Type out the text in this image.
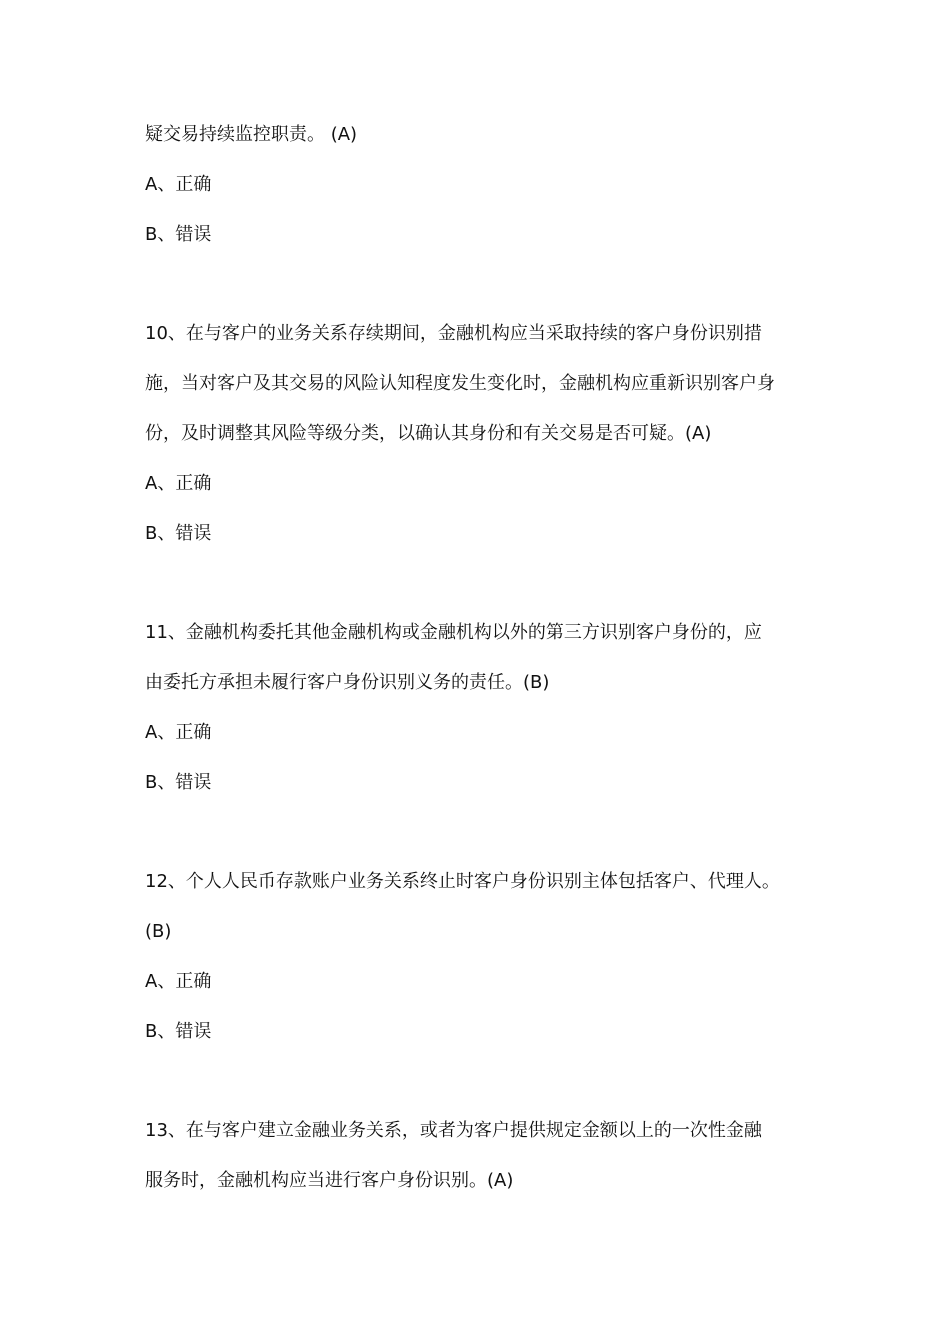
疑交易持续监控职责。 (A)
A、正确
B、错误
10、在与客户的业务关系存续期间，金融机构应当采取持续的客户身份识别措
施，当对客户及其交易的风险认知程度发生变化时，金融机构应重新识别客户身
份，及时调整其风险等级分类，以确认其身份和有关交易是否可疑。(A)
A、正确
B、错误
11、金融机构委托其他金融机构或金融机构以外的第三方识别客户身份的，应
由委托方承担未履行客户身份识别义务的责任。(B)
A、正确
B、错误
12、个人人民币存款账户业务关系终止时客户身份识别主体包括客户、代理人。
(B)
A、正确
B、错误
13、在与客户建立金融业务关系，或者为客户提供规定金额以上的一次性金融
服务时，金融机构应当进行客户身份识别。(A)
